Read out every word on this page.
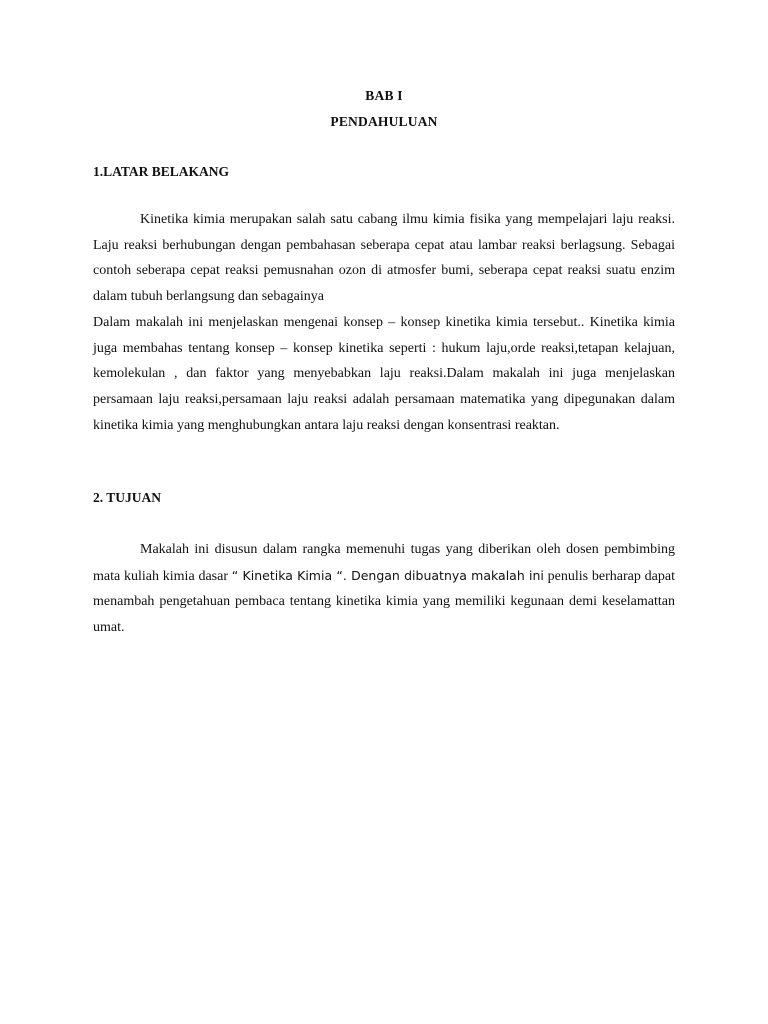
BAB I
PENDAHULUAN
1.LATAR BELAKANG

Kinetika kimia merupakan salah satu cabang ilmu kimia fisika yang mempelajari laju reaksi. Laju reaksi berhubungan dengan pembahasan seberapa cepat atau lambar reaksi berlagsung. Sebagai contoh seberapa cepat reaksi pemusnahan ozon di atmosfer bumi, seberapa cepat reaksi suatu enzim dalam tubuh berlangsung dan sebagainya

Dalam makalah ini menjelaskan mengenai konsep – konsep kinetika kimia tersebut.. Kinetika kimia juga membahas tentang konsep – konsep kinetika seperti : hukum laju,orde reaksi,tetapan kelajuan, kemolekulan , dan faktor yang menyebabkan laju reaksi.Dalam makalah ini juga menjelaskan persamaan laju reaksi,persamaan laju reaksi adalah persamaan matematika yang dipegunakan dalam kinetika kimia yang menghubungkan antara laju reaksi dengan konsentrasi reaktan.

2. TUJUAN

Makalah ini disusun dalam rangka memenuhi tugas yang diberikan oleh dosen pembimbing mata kuliah kimia dasar “ Kinetika Kimia “. Dengan dibuatnya makalah ini penulis berharap dapat menambah pengetahuan pembaca tentang kinetika kimia yang memiliki kegunaan demi keselamattan umat.
